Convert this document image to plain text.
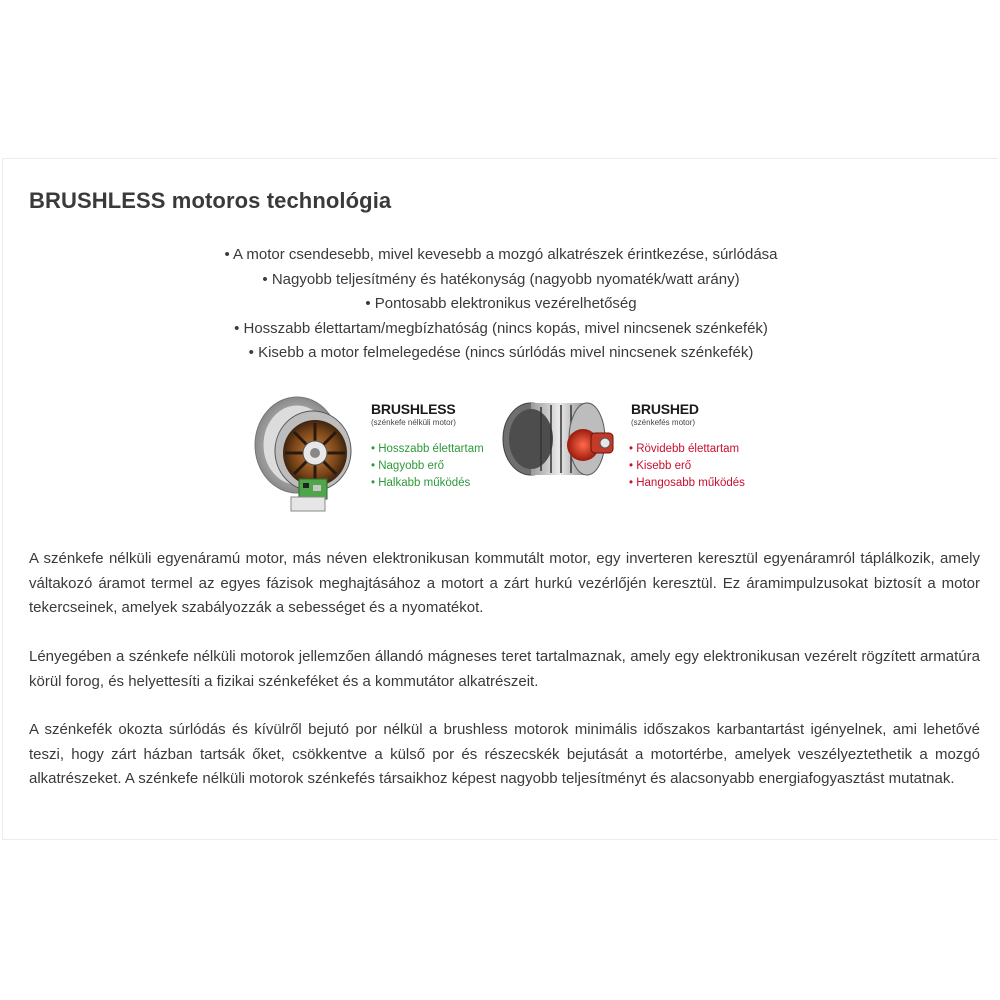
BRUSHLESS motoros technológia
• A motor csendesebb, mivel kevesebb a mozgó alkatrészek érintkezése, súrlódása
• Nagyobb teljesítmény és hatékonyság (nagyobb nyomaték/watt arány)
• Pontosabb elektronikus vezérelhetőség
• Hosszabb élettartam/megbízhatóság (nincs kopás, mivel nincsenek szénkefék)
• Kisebb a motor felmelegedése (nincs súrlódás mivel nincsenek szénkefék)
BRUSHLESS
(szénkefe nélküli motor)
• Hosszabb élettartam
• Nagyobb erő
• Halkabb működés
BRUSHED
(szénkefés motor)
• Rövidebb élettartam
• Kisebb erő
• Hangosabb működés

A szénkefe nélküli egyenáramú motor, más néven elektronikusan kommutált motor, egy inverteren keresztül egyenáramról táplálkozik, amely váltakozó áramot termel az egyes fázisok meghajtásához a motort a zárt hurkú vezérlőjén keresztül. Ez áramimpulzusokat biztosít a motor tekercseinek, amelyek szabályozzák a sebességet és a nyomatékot.

Lényegében a szénkefe nélküli motorok jellemzően állandó mágneses teret tartalmaznak, amely egy elektronikusan vezérelt rögzített armatúra körül forog, és helyettesíti a fizikai szénkeféket és a kommutátor alkatrészeit.

A szénkefék okozta súrlódás és kívülről bejutó por nélkül a brushless motorok minimális időszakos karbantartást igényelnek, ami lehetővé teszi, hogy zárt házban tartsák őket, csökkentve a külső por és részecskék bejutását a motortérbe, amelyek veszélyeztethetik a mozgó alkatrészeket. A szénkefe nélküli motorok szénkefés társaikhoz képest nagyobb teljesítményt és alacsonyabb energiafogyasztást mutatnak.
